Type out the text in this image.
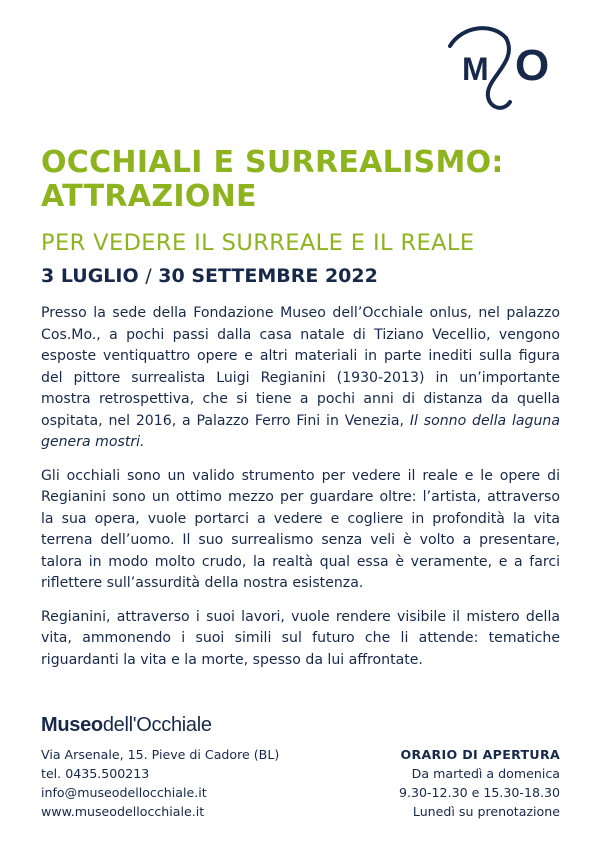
M O
OCCHIALI E SURREALISMO: ATTRAZIONE
PER VEDERE IL SURREALE E IL REALE
3 LUGLIO / 30 SETTEMBRE 2022

Presso la sede della Fondazione Museo dell’Occhiale onlus, nel palazzo Cos.Mo., a pochi passi dalla casa natale di Tiziano Vecellio, vengono esposte ventiquattro opere e altri materiali in parte inediti sulla figura del pittore surrealista Luigi Regianini (1930-2013) in un’importante mostra retrospettiva, che si tiene a pochi anni di distanza da quella ospitata, nel 2016, a Palazzo Ferro Fini in Venezia, Il sonno della laguna genera mostri.

Gli occhiali sono un valido strumento per vedere il reale e le opere di Regianini sono un ottimo mezzo per guardare oltre: l’artista, attraverso la sua opera, vuole portarci a vedere e cogliere in profondità la vita terrena dell’uomo. Il suo surrealismo senza veli è volto a presentare, talora in modo molto crudo, la realtà qual essa è veramente, e a farci riflettere sull’assurdità della nostra esistenza.

Regianini, attraverso i suoi lavori, vuole rendere visibile il mistero della vita, ammonendo i suoi simili sul futuro che li attende: tematiche riguardanti la vita e la morte, spesso da lui affrontate.

Museodell'Occhiale
Via Arsenale, 15. Pieve di Cadore (BL)
tel. 0435.500213
info@museodellocchiale.it
www.museodellocchiale.it
ORARIO DI APERTURA
Da martedì a domenica
9.30-12.30 e 15.30-18.30
Lunedì su prenotazione
